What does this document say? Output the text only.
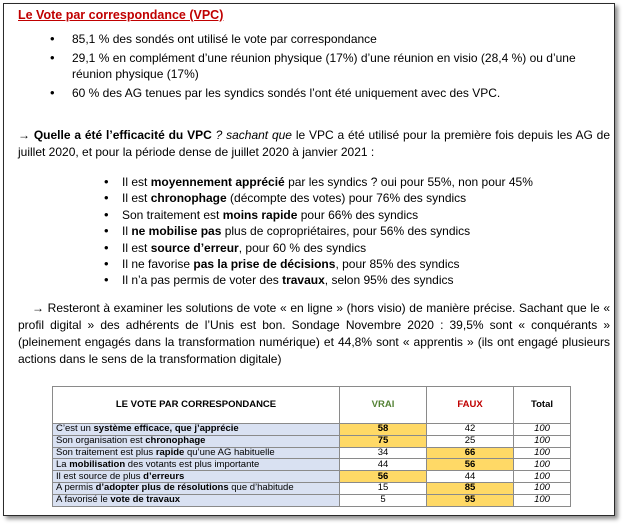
Le Vote par correspondance (VPC)
• 85,1 % des sondés ont utilisé le vote par correspondance
• 29,1 % en complément d’une réunion physique (17%) d’une réunion en visio (28,4 %) ou d’une réunion physique (17%)
• 60 % des AG tenues par les syndics sondés l’ont été uniquement avec des VPC.

→ Quelle a été l’efficacité du VPC ? sachant que le VPC a été utilisé pour la première fois depuis les AG de juillet 2020, et pour la période dense de juillet 2020 à janvier 2021 :

• Il est moyennement apprécié par les syndics ? oui pour 55%, non pour 45%
• Il est chronophage (décompte des votes) pour 76% des syndics
• Son traitement est moins rapide pour 66% des syndics
• Il ne mobilise pas plus de copropriétaires, pour 56% des syndics
• Il est source d’erreur, pour 60 % des syndics
• Il ne favorise pas la prise de décisions, pour 85% des syndics
• Il n’a pas permis de voter des travaux, selon 95% des syndics

→ Resteront à examiner les solutions de vote « en ligne » (hors visio) de manière précise. Sachant que le « profil digital » des adhérents de l’Unis est bon. Sondage Novembre 2020 : 39,5% sont « conquérants » (pleinement engagés dans la transformation numérique) et 44,8% sont « apprentis » (ils ont engagé plusieurs actions dans le sens de la transformation digitale)

LE VOTE PAR CORRESPONDANCE	VRAI	FAUX	Total
C’est un système efficace, que j’apprécie	58	42	100
Son organisation est chronophage	75	25	100
Son traitement est plus rapide qu’une AG habituelle	34	66	100
La mobilisation des votants est plus importante	44	56	100
Il est source de plus d’erreurs	56	44	100
A permis d’adopter plus de résolutions que d’habitude	15	85	100
A favorisé le vote de travaux	5	95	100
